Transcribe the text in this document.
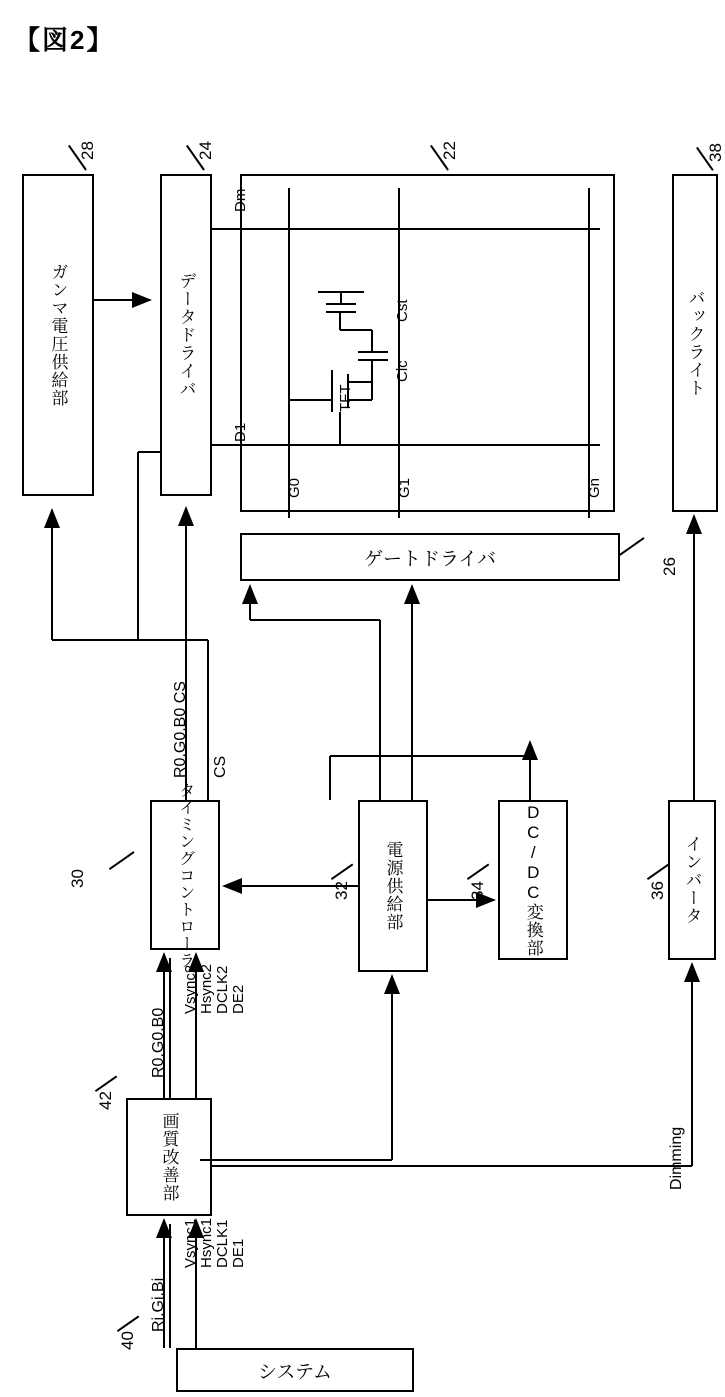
【図2】
ガンマ電圧供給部
28
データドライバ
24	22
Dm
D1
G0	G1	Gn
TFT
Cst
Clc	バックライト
38
ゲートドライバ	26
タイミングコントローラ
30	電源供給部
32	DC/DC変換部
34	インバータ
36
画質改善部
42
システム
40
R0,G0,B0 CS CS
R0,G0,B0
Vsync2 Hsync2 DCLK2 DE2
Ri,Gi,Bi
Vsync1 Hsync1 DCLK1 DE1
Dimming
